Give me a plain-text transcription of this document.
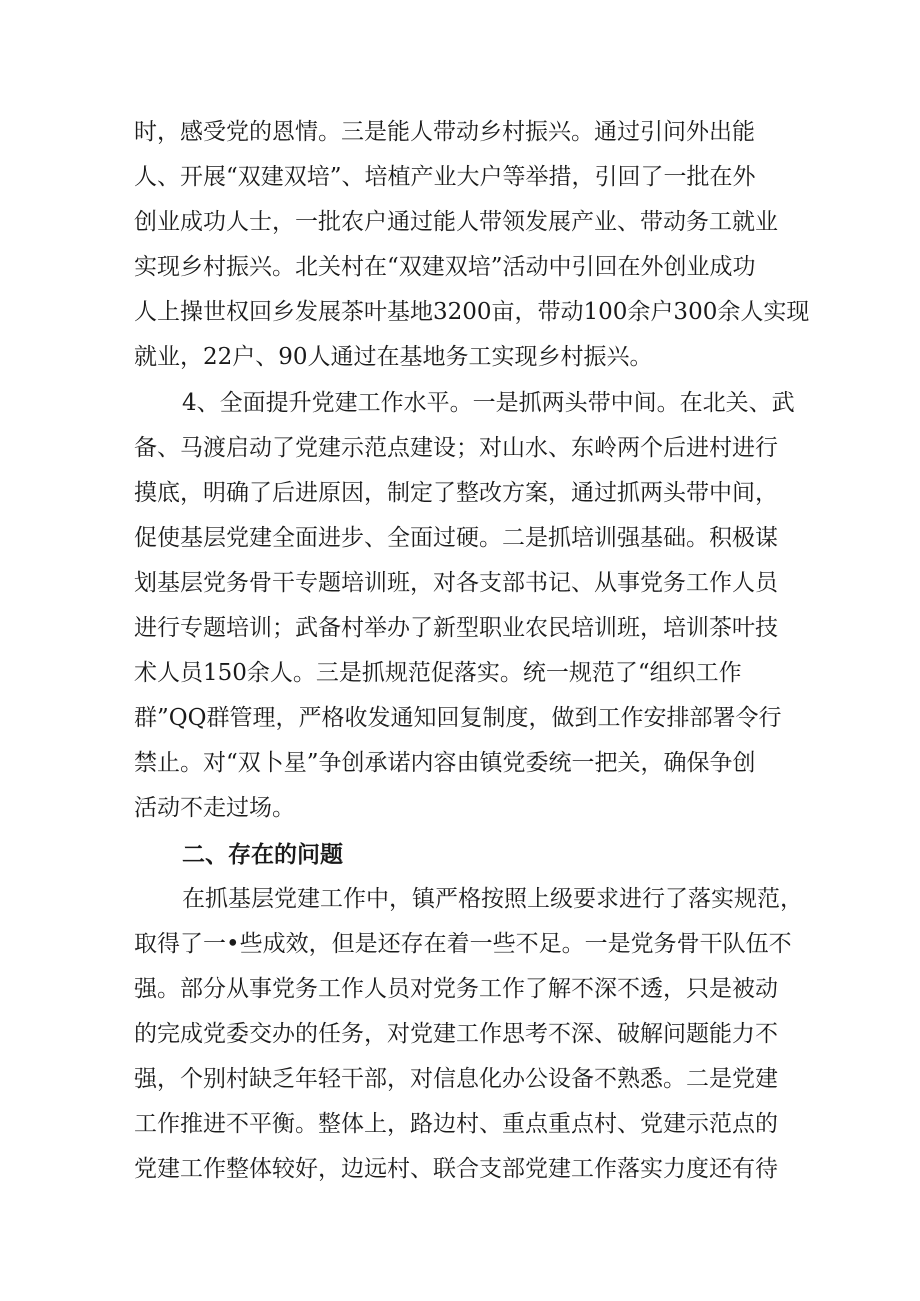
时，感受党的恩情。三是能人带动乡村振兴。通过引问外出能
人、开展“双建双培”、培植产业大户等举措，引回了一批在外
创业成功人士，一批农户通过能人带领发展产业、带动务工就业
实现乡村振兴。北关村在“双建双培”活动中引回在外创业成功
人上操世权回乡发展茶叶基地3200亩，带动100余户300余人实现
就业，22户、90人通过在基地务工实现乡村振兴。
4、全面提升党建工作水平。一是抓两头带中间。在北关、武
备、马渡启动了党建示范点建设；对山水、东岭两个后进村进行
摸底，明确了后进原因，制定了整改方案，通过抓两头带中间，
促使基层党建全面进步、全面过硬。二是抓培训强基础。积极谋
划基层党务骨干专题培训班，对各支部书记、从事党务工作人员
进行专题培训；武备村举办了新型职业农民培训班，培训茶叶技
术人员150余人。三是抓规范促落实。统一规范了“组织工作
群”QQ群管理，严格收发通知回复制度，做到工作安排部署令行
禁止。对“双卜星”争创承诺内容由镇党委统一把关，确保争创
活动不走过场。
二、存在的问题
在抓基层党建工作中，镇严格按照上级要求进行了落实规范，
取得了一•些成效，但是还存在着一些不足。一是党务骨干队伍不
强。部分从事党务工作人员对党务工作了解不深不透，只是被动
的完成党委交办的任务，对党建工作思考不深、破解问题能力不
强，个别村缺乏年轻干部，对信息化办公设备不熟悉。二是党建
工作推进不平衡。整体上，路边村、重点重点村、党建示范点的
党建工作整体较好，边远村、联合支部党建工作落实力度还有待
